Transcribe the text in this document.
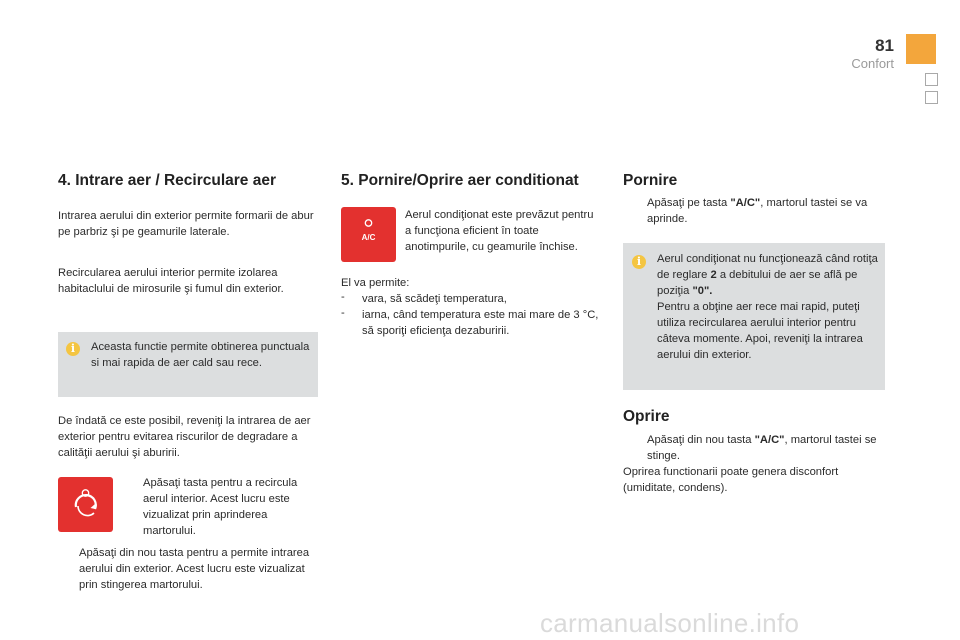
81
Confort
4. Intrare aer / Recirculare aer

Intrarea aerului din exterior permite formarii de abur pe parbriz şi pe geamurile laterale.

Recircularea aerului interior permite izolarea habitaclului de mirosurile şi fumul din exterior.

i	Aceasta functie permite obtinerea punctuala si mai rapida de aer cald sau rece.

De îndată ce este posibil, reveniţi la intrarea de aer exterior pentru evitarea riscurilor de degradare a calităţii aerului şi aburirii.

Apăsaţi tasta pentru a recircula aerul interior. Acest lucru este vizualizat prin aprinderea martorului.

Apăsaţi din nou tasta pentru a permite intrarea aerului din exterior. Acest lucru este vizualizat prin stingerea martorului.

5. Pornire/Oprire aer conditionat
A/C

Aerul condiţionat este prevăzut pentru a funcţiona eficient în toate anotimpurile, cu geamurile închise.

El va permite:

- vara, să scădeţi temperatura,

- iarna, când temperatura este mai mare de 3 °C, să sporiţi eficienţa dezaburirii.

Pornire

Apăsaţi pe tasta "A/C", martorul tastei se va aprinde.

i	Aerul condiţionat nu funcţionează când rotiţa de reglare 2 a debitului de aer se află pe poziţia "0".
Pentru a obţine aer rece mai rapid, puteţi utiliza recircularea aerului interior pentru câteva momente. Apoi, reveniţi la intrarea aerului din exterior.

Oprire

Apăsaţi din nou tasta "A/C", martorul tastei se stinge.

Oprirea functionarii poate genera disconfort (umiditate, condens).

carmanualsonline.info
